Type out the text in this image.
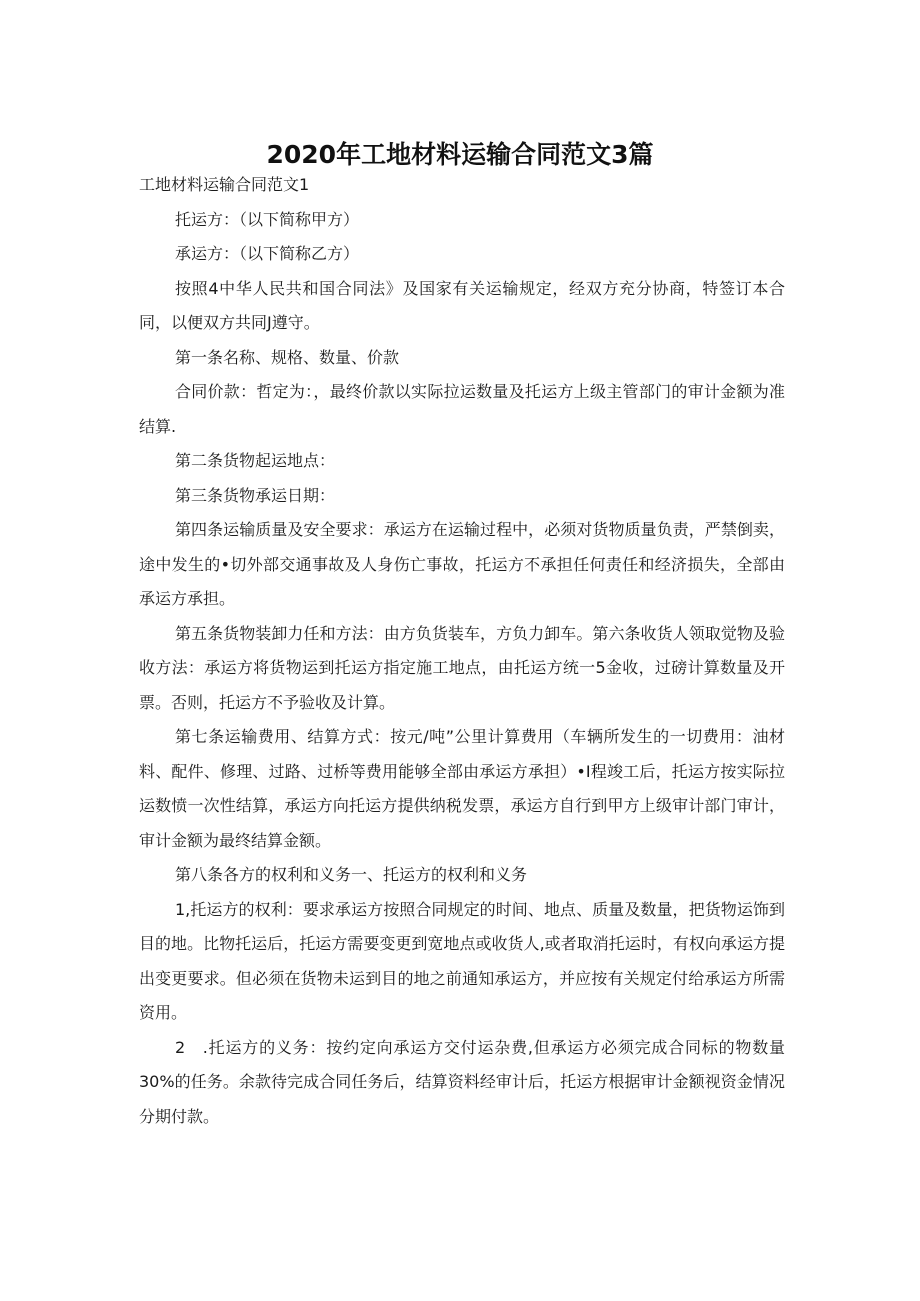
2020年工地材料运输合同范文3篇

工地材料运输合同范文1

托运方：（以下简称甲方）

承运方：（以下简称乙方）

按照4中华人民共和国合同法》及国家有关运输规定，经双方充分协商，特签订本合同，以便双方共同J遵守。

第一条名称、规格、数量、价款

合同价款：哲定为：，最终价款以实际拉运数量及托运方上级主管部门的审计金额为准结算.

第二条货物起运地点：

第三条货物承运日期：

第四条运输质量及安全要求：承运方在运输过程中，必须对货物质量负责，严禁倒卖，途中发生的•切外部交通事故及人身伤亡事故，托运方不承担任何责任和经济损失，全部由承运方承担。

第五条货物装卸力任和方法：由方负货装车，方负力卸车。第六条收货人领取觉物及验收方法：承运方将货物运到托运方指定施工地点，由托运方统一5金收，过磅计算数量及开票。否则，托运方不予验收及计算。

第七条运输费用、结算方式：按元/吨”公里计算费用（车辆所发生的一切费用：油材料、配件、修理、过路、过桥等费用能够全部由承运方承担）•I程竣工后，托运方按实际拉运数愤一次性结算，承运方向托运方提供纳税发票，承运方自行到甲方上级审计部门审计，审计金额为最终结算金额。

第八条各方的权利和义务一、托运方的权利和义务

1,托运方的权利：要求承运方按照合同规定的时间、地点、质量及数量，把货物运饰到目的地。比物托运后，托运方需要变更到宽地点或收货人,或者取消托运时，有权向承运方提出变更要求。但必须在货物未运到目的地之前通知承运方，并应按有关规定付给承运方所需资用。

2　.托运方的义务：按约定向承运方交付运杂费,但承运方必须完成合同标的物数量30%的任务。余款待完成合同任务后，结算资料经审计后，托运方根据审计金额视资金情况分期付款。
